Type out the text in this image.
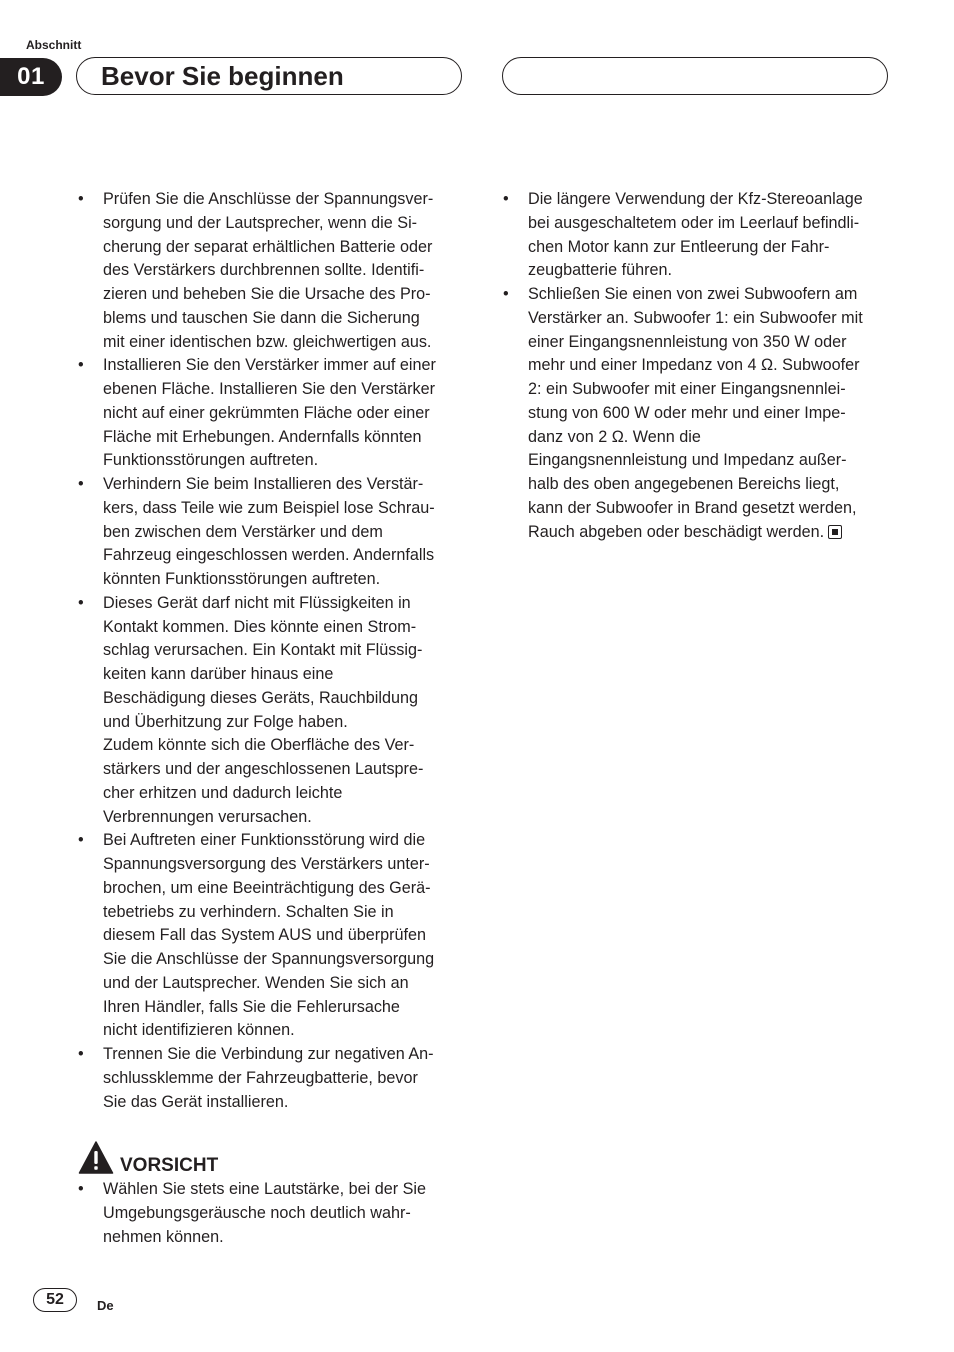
Abschnitt
01	Bevor Sie beginnen
• Prüfen Sie die Anschlüsse der Spannungsver-
sorgung und der Lautsprecher, wenn die Si-
cherung der separat erhältlichen Batterie oder
des Verstärkers durchbrennen sollte. Identifi-
zieren und beheben Sie die Ursache des Pro-
blems und tauschen Sie dann die Sicherung
mit einer identischen bzw. gleichwertigen aus.
• Installieren Sie den Verstärker immer auf einer
ebenen Fläche. Installieren Sie den Verstärker
nicht auf einer gekrümmten Fläche oder einer
Fläche mit Erhebungen. Andernfalls könnten
Funktionsstörungen auftreten.
• Verhindern Sie beim Installieren des Verstär-
kers, dass Teile wie zum Beispiel lose Schrau-
ben zwischen dem Verstärker und dem
Fahrzeug eingeschlossen werden. Andernfalls
könnten Funktionsstörungen auftreten.
• Dieses Gerät darf nicht mit Flüssigkeiten in
Kontakt kommen. Dies könnte einen Strom-
schlag verursachen. Ein Kontakt mit Flüssig-
keiten kann darüber hinaus eine
Beschädigung dieses Geräts, Rauchbildung
und Überhitzung zur Folge haben.
Zudem könnte sich die Oberfläche des Ver-
stärkers und der angeschlossenen Lautspre-
cher erhitzen und dadurch leichte
Verbrennungen verursachen.
• Bei Auftreten einer Funktionsstörung wird die
Spannungsversorgung des Verstärkers unter-
brochen, um eine Beeinträchtigung des Gerä-
tebetriebs zu verhindern. Schalten Sie in
diesem Fall das System AUS und überprüfen
Sie die Anschlüsse der Spannungsversorgung
und der Lautsprecher. Wenden Sie sich an
Ihren Händler, falls Sie die Fehlerursache
nicht identifizieren können.
• Trennen Sie die Verbindung zur negativen An-
schlussklemme der Fahrzeugbatterie, bevor
Sie das Gerät installieren.
VORSICHT
• Wählen Sie stets eine Lautstärke, bei der Sie
Umgebungsgeräusche noch deutlich wahr-
nehmen können.
• Die längere Verwendung der Kfz-Stereoanlage
bei ausgeschaltetem oder im Leerlauf befindli-
chen Motor kann zur Entleerung der Fahr-
zeugbatterie führen.
• Schließen Sie einen von zwei Subwoofern am
Verstärker an. Subwoofer 1: ein Subwoofer mit
einer Eingangsnennleistung von 350 W oder
mehr und einer Impedanz von 4 Ω. Subwoofer
2: ein Subwoofer mit einer Eingangsnennlei-
stung von 600 W oder mehr und einer Impe-
danz von 2 Ω. Wenn die
Eingangsnennleistung und Impedanz außer-
halb des oben angegebenen Bereichs liegt,
kann der Subwoofer in Brand gesetzt werden,
Rauch abgeben oder beschädigt werden.
52	De
